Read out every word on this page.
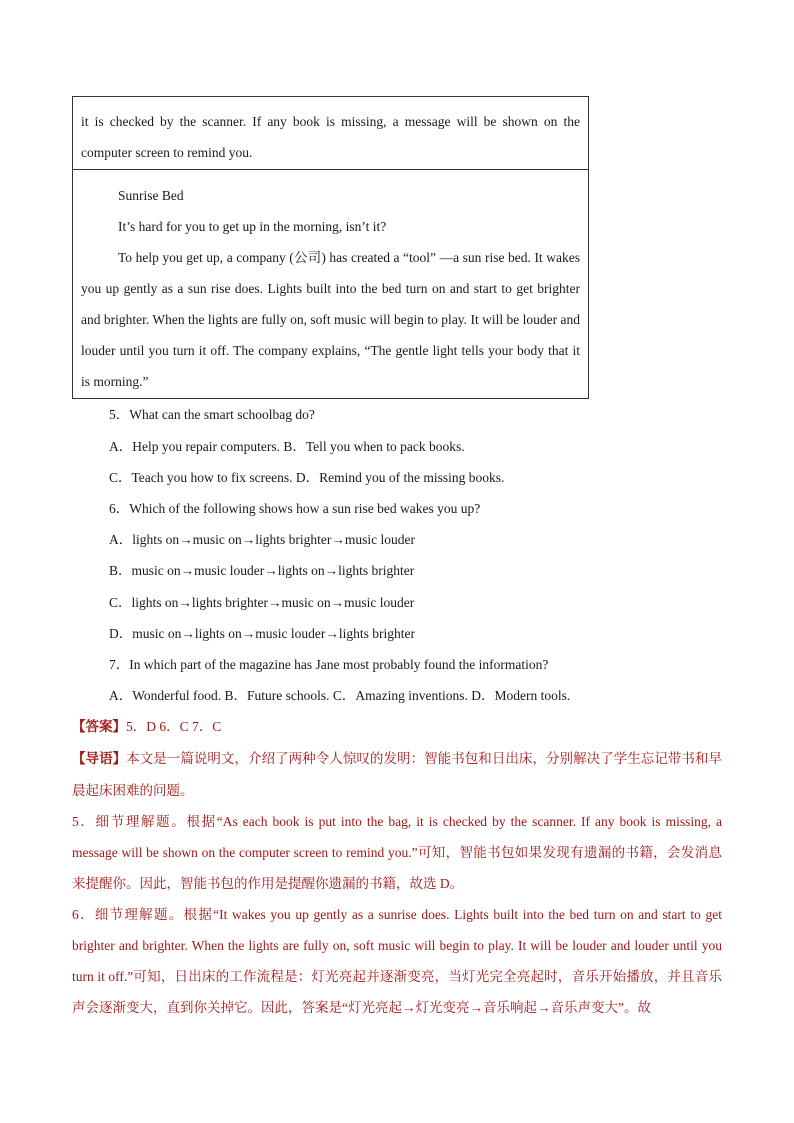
it is checked by the scanner. If any book is missing, a message will be shown on the computer screen to remind you.

Sunrise Bed

It’s hard for you to get up in the morning, isn’t it?

To help you get up, a company (公司) has created a “tool” —a sun rise bed. It wakes you up gently as a sun rise does. Lights built into the bed turn on and start to get brighter and brighter. When the lights are fully on, soft music will begin to play. It will be louder and louder until you turn it off. The company explains, “The gentle light tells your body that it is morning.”

5．What can the smart schoolbag do?
A．Help you repair computers. B．Tell you when to pack books.
C．Teach you how to fix screens. D．Remind you of the missing books.
6．Which of the following shows how a sun rise bed wakes you up?
A．lights on→music on→lights brighter→music louder
B．music on→music louder→lights on→lights brighter
C．lights on→lights brighter→music on→music louder
D．music on→lights on→music louder→lights brighter
7．In which part of the magazine has Jane most probably found the information?
A．Wonderful food. B．Future schools. C．Amazing inventions. D．Modern tools.
【答案】5．D 6．C 7．C
【导语】本文是一篇说明文，介绍了两种令人惊叹的发明：智能书包和日出床，分别解决了学生忘记带书和早晨起床困难的问题。
5．细节理解题。根据“As each book is put into the bag, it is checked by the scanner. If any book is missing, a message will be shown on the computer screen to remind you.”可知，智能书包如果发现有遗漏的书籍，会发消息来提醒你。因此，智能书包的作用是提醒你遗漏的书籍，故选 D。
6．细节理解题。根据“It wakes you up gently as a sunrise does. Lights built into the bed turn on and start to get brighter and brighter. When the lights are fully on, soft music will begin to play. It will be louder and louder until you turn it off.”可知，日出床的工作流程是：灯光亮起并逐渐变亮，当灯光完全亮起时，音乐开始播放，并且音乐声会逐渐变大，直到你关掉它。因此，答案是“灯光亮起→灯光变亮→音乐响起→音乐声变大”。故
